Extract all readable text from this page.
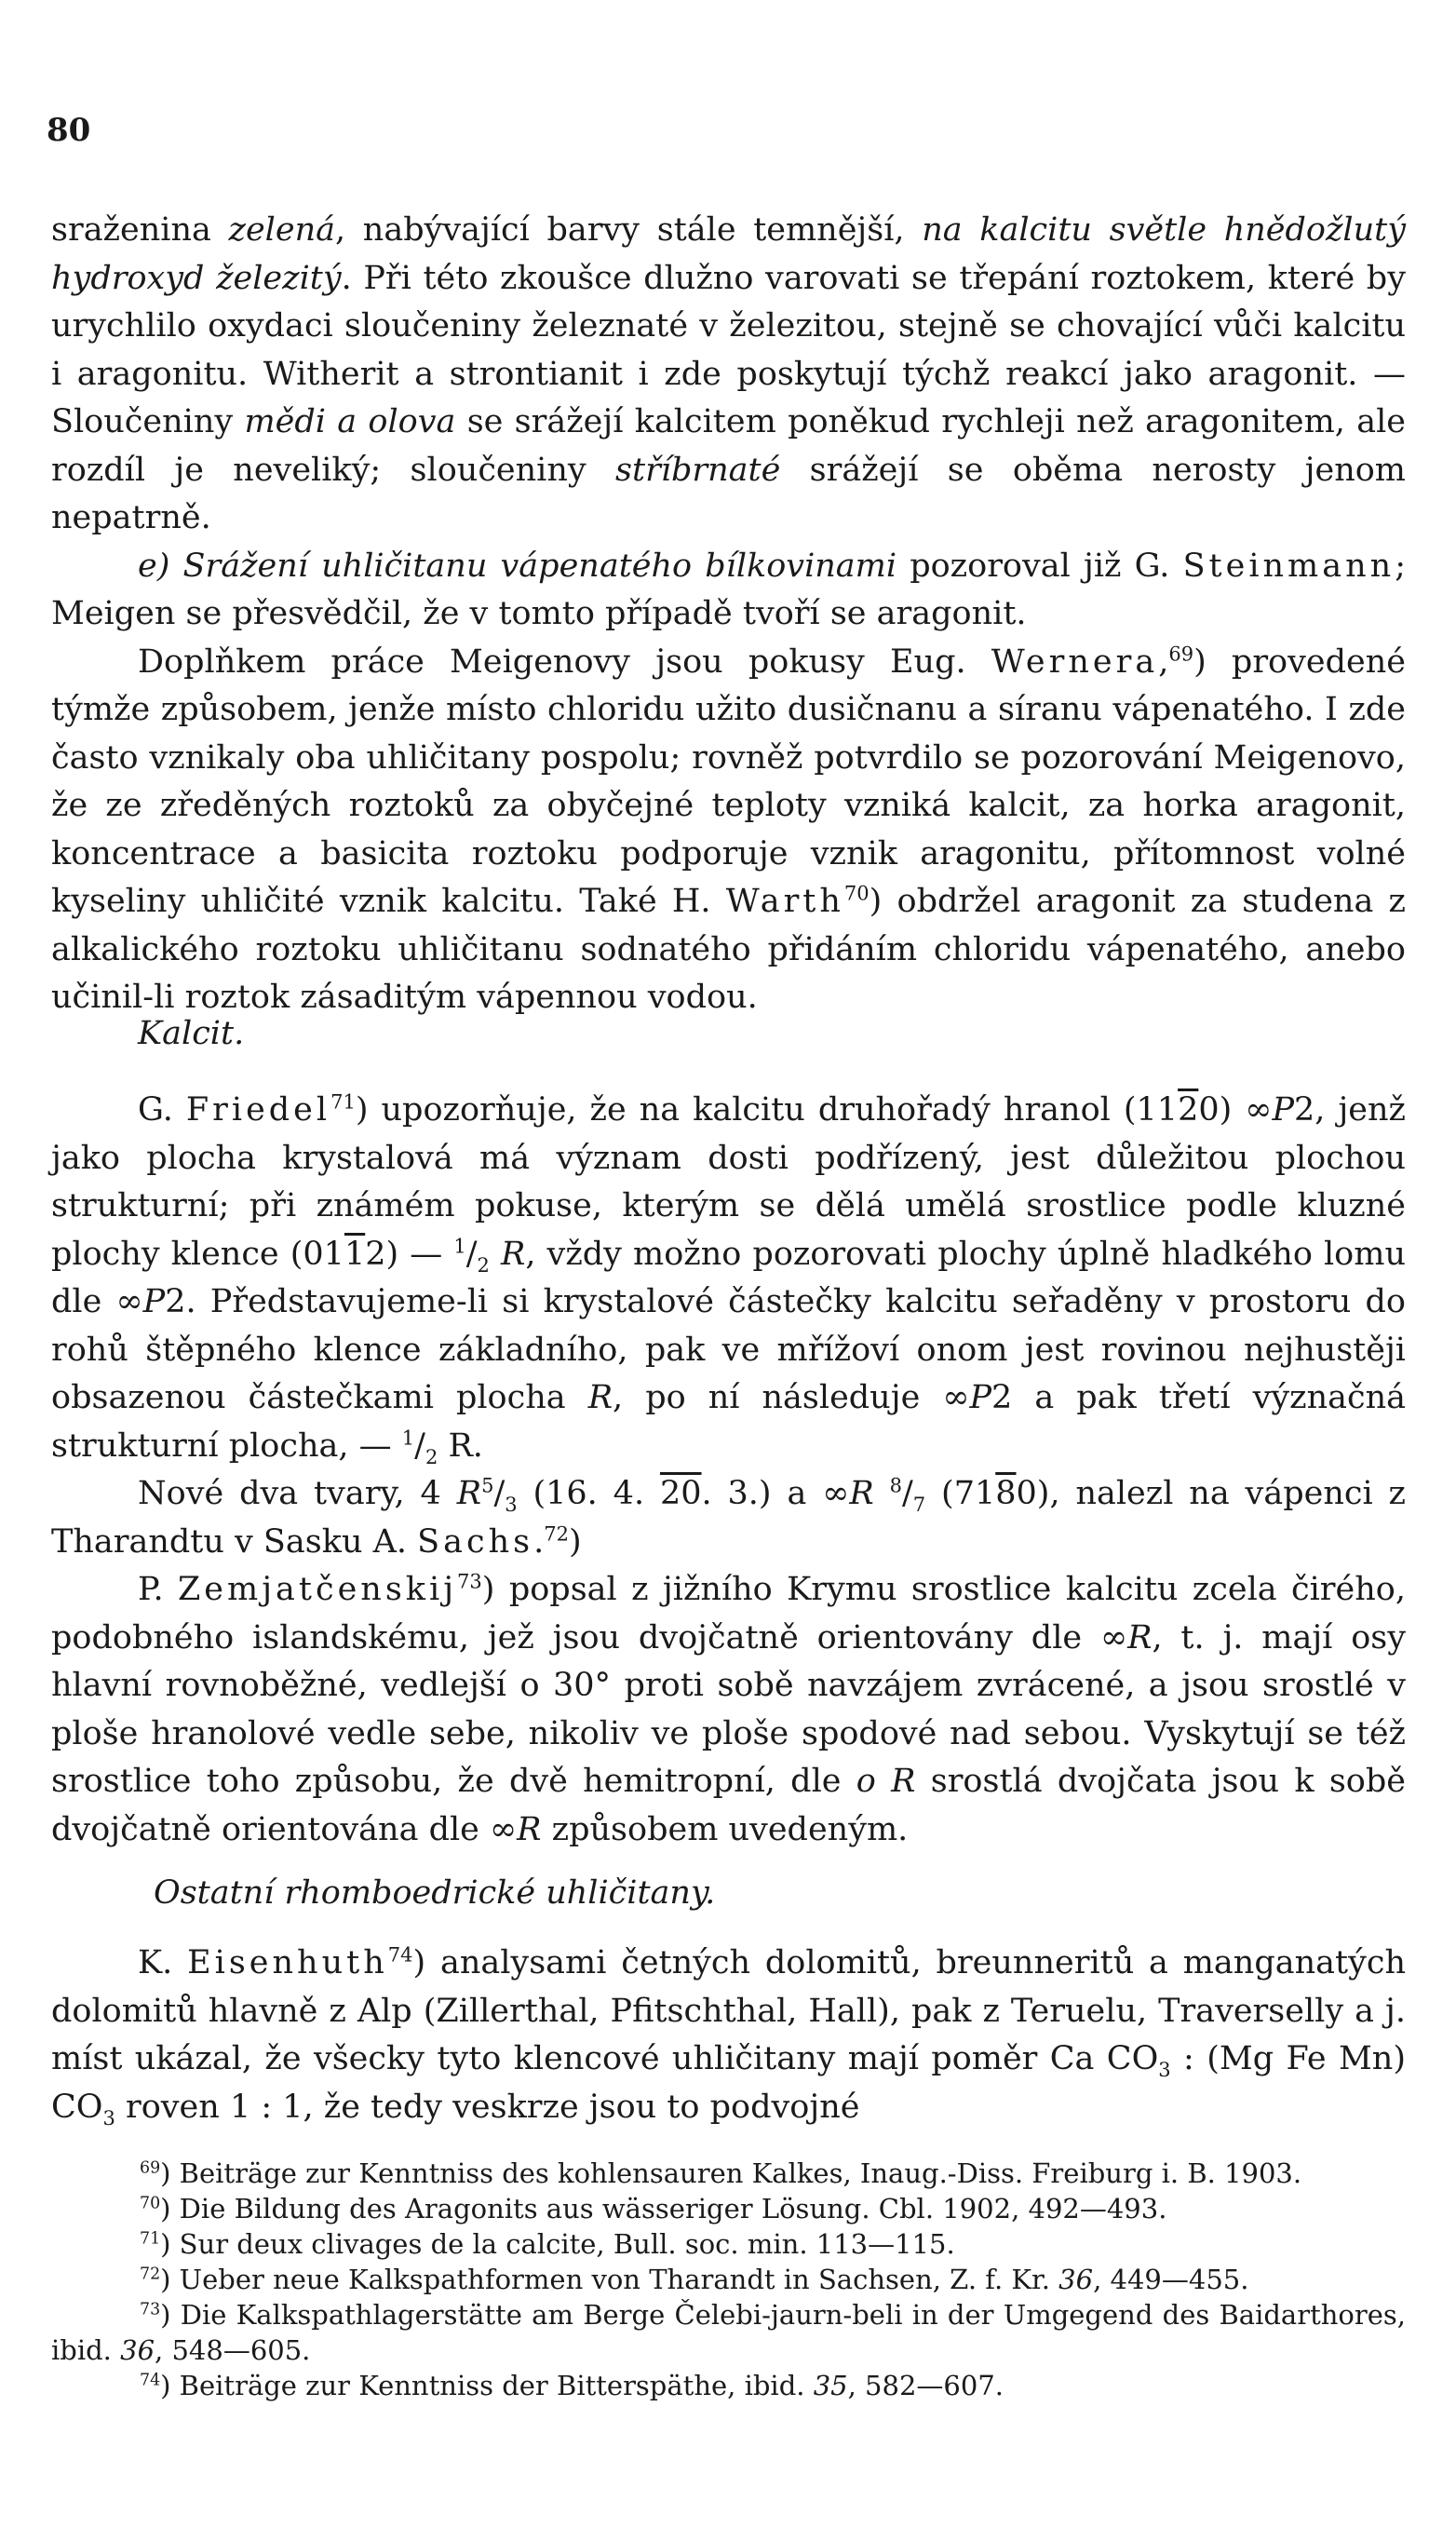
80

sraženina zelená, nabývající barvy stále temnější, na kalcitu světle hnědožlutý hydroxyd železitý. Při této zkoušce dlužno varovati se třepání roztokem, které by urychlilo oxydaci sloučeniny železnaté v železitou, stejně se chovající vůči kalcitu i aragonitu. Witherit a strontianit i zde poskytují týchž reakcí jako aragonit. — Sloučeniny mědi a olova se srážejí kalcitem poněkud rychleji než aragonitem, ale rozdíl je neveliký; sloučeniny stříbrnaté srážejí se oběma nerosty jenom nepatrně.

e) Srážení uhličitanu vápenatého bílkovinami pozoroval již G. Steinmann; Meigen se přesvědčil, že v tomto případě tvoří se aragonit.

Doplňkem práce Meigenovy jsou pokusy Eug. Wernera,$^{69}$) provedené týmže způsobem, jenže místo chloridu užito dusičnanu a síranu vápenatého. I zde často vznikaly oba uhličitany pospolu; rovněž potvrdilo se pozorování Meigenovo, že ze zředěných roztoků za obyčejné teploty vzniká kalcit, za horka aragonit, koncentrace a basicita roztoku podporuje vznik aragonitu, přítomnost volné kyseliny uhličité vznik kalcitu. Také H. Warth$^{70}$) obdržel aragonit za studena z alkalického roztoku uhličitanu sodnatého přidáním chloridu vápenatého, anebo učinil-li roztok zásaditým vápennou vodou.

Kalcit.

G. Friedel$^{71}$) upozorňuje, že na kalcitu druhořadý hranol (1120) ∞P2, jenž jako plocha krystalová má význam dosti podřízený, jest důležitou plochou strukturní; při známém pokuse, kterým se dělá umělá srostlice podle kluzné plochy klence (0112) — $^1/_2$ R, vždy možno pozorovati plochy úplně hladkého lomu dle ∞P2. Představujeme-li si krystalové částečky kalcitu seřaděny v prostoru do rohů štěpného klence základního, pak ve mřížoví onom jest rovinou nejhustěji obsazenou částečkami plocha R, po ní následuje ∞P2 a pak třetí význačná strukturní plocha, — $^1/_2$ R.

Nové dva tvary, 4 $R^5/_3$ (16. 4. 20. 3.) a ∞R $^8/_7$ (7180), nalezl na vápenci z Tharandtu v Sasku A. Sachs.$^{72}$)

P. Zemjatčenskij$^{73}$) popsal z jižního Krymu srostlice kalcitu zcela čirého, podobného islandskému, jež jsou dvojčatně orientovány dle ∞R, t. j. mají osy hlavní rovnoběžné, vedlejší o 30° proti sobě navzájem zvrácené, a jsou srostlé v ploše hranolové vedle sebe, nikoliv ve ploše spodové nad sebou. Vyskytují se též srostlice toho způsobu, že dvě hemitropní, dle o R srostlá dvojčata jsou k sobě dvojčatně orientována dle ∞R způsobem uvedeným.

Ostatní rhomboedrické uhličitany.

K. Eisenhuth$^{74}$) analysami četných dolomitů, breunneritů a manganatých dolomitů hlavně z Alp (Zillerthal, Pfitschthal, Hall), pak z Teruelu, Traverselly a j. míst ukázal, že všecky tyto klencové uhličitany mají poměr Ca $CO_3$ : (Mg Fe Mn) $CO_3$ roven 1 : 1, že tedy veskrze jsou to podvojné

$^{69}$) Beiträge zur Kenntniss des kohlensauren Kalkes, Inaug.-Diss. Freiburg i. B. 1903.

$^{70}$) Die Bildung des Aragonits aus wässeriger Lösung. Cbl. 1902, 492—493.

$^{71}$) Sur deux clivages de la calcite, Bull. soc. min. 113—115.

$^{72}$) Ueber neue Kalkspathformen von Tharandt in Sachsen, Z. f. Kr. 36, 449—455.

$^{73}$) Die Kalkspathlagerstätte am Berge Čelebi-jaurn-beli in der Umgegend des Baidarthores, ibid. 36, 548—605.

$^{74}$) Beiträge zur Kenntniss der Bitterspäthe, ibid. 35, 582—607.
